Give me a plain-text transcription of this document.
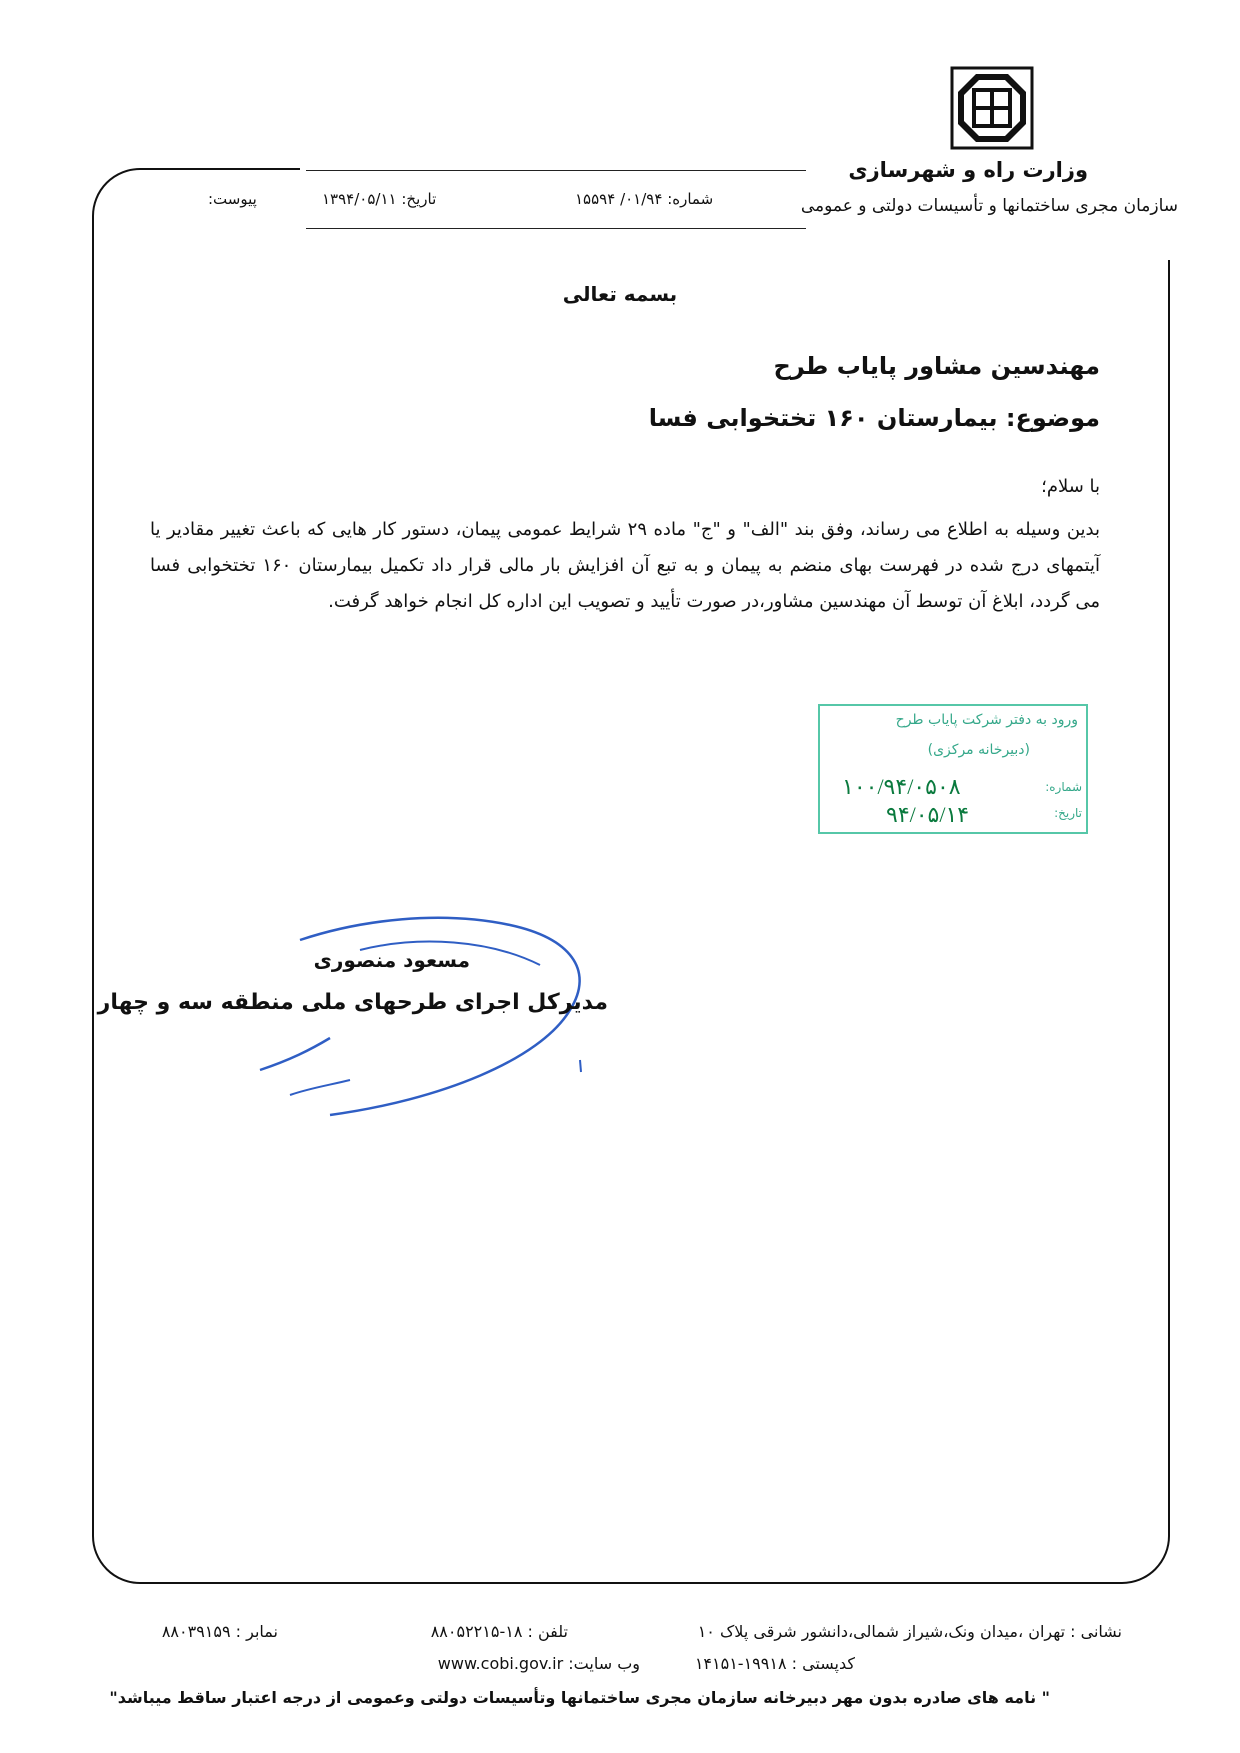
وزارت راه و شهرسازی
سازمان مجری ساختمانها و تأسیسات دولتی و عمومی
شماره: ۰۱/۹۴/ ۱۵۵۹۴
تاریخ: ۱۳۹۴/۰۵/۱۱
پیوست:
بسمه تعالی
مهندسین مشاور پایاب طرح
موضوع: بیمارستان ۱۶۰ تختخوابی فسا
با سلام؛
بدین وسیله به اطلاع می رساند، وفق بند "الف" و "ج" ماده ۲۹ شرایط عمومی پیمان، دستور کار هایی که باعث تغییر مقادیر یا آیتمهای درج شده در فهرست بهای منضم به پیمان و به تبع آن افزایش بار مالی قرار داد تکمیل بیمارستان ۱۶۰ تختخوابی فسا می گردد، ابلاغ آن توسط آن مهندسین مشاور،در صورت تأیید و تصویب این اداره کل انجام خواهد گرفت.
ورود به دفتر شرکت پایاب طرح
(دبیرخانه مرکزی)
شماره:
تاریخ:
۱۰۰/۹۴/۰۵۰۸
۹۴/۰۵/۱۴
مسعود منصوری
مدیرکل اجرای طرحهای ملی منطقه سه و چهار
نشانی : تهران ،میدان ونک،شیراز شمالی،دانشور شرقی پلاک ۱۰
تلفن : ۱۸-۸۸۰۵۲۲۱۵
نمابر : ۸۸۰۳۹۱۵۹
کدپستی : ۱۹۹۱۸-۱۴۱۵۱
وب سایت: www.cobi.gov.ir
" نامه های صادره بدون مهر دبیرخانه سازمان مجری ساختمانها وتأسیسات دولتی وعمومی از درجه اعتبار ساقط میباشد"
